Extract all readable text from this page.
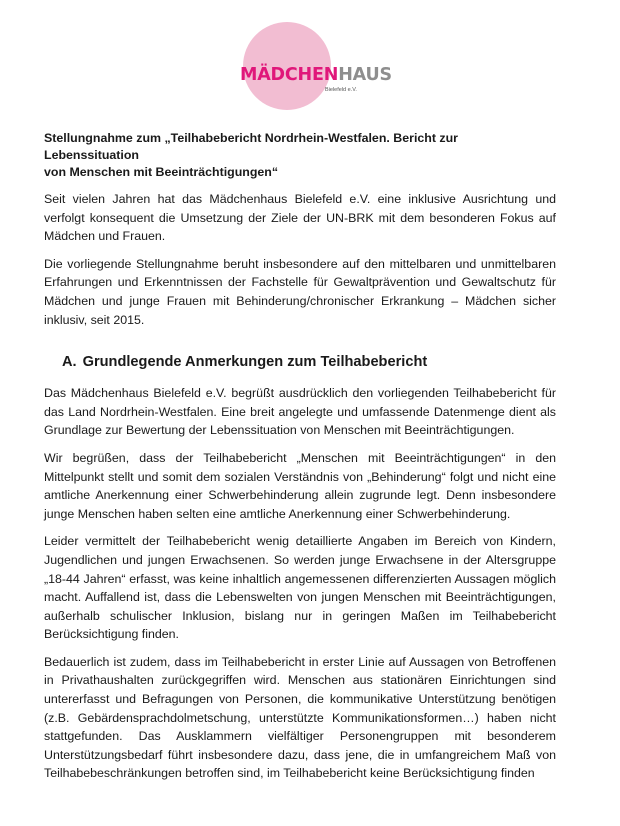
MÄDCHENHAUS
Bielefeld e.V.
Stellungnahme zum „Teilhabebericht Nordrhein-Westfalen. Bericht zur Lebenssituation
von Menschen mit Beeinträchtigungen“

Seit vielen Jahren hat das Mädchenhaus Bielefeld e.V. eine inklusive Ausrichtung und verfolgt konsequent die Umsetzung der Ziele der UN-BRK mit dem besonderen Fokus auf Mädchen und Frauen.

Die vorliegende Stellungnahme beruht insbesondere auf den mittelbaren und unmittelbaren Erfahrungen und Erkenntnissen der Fachstelle für Gewaltprävention und Gewaltschutz für Mädchen und junge Frauen mit Behinderung/chronischer Erkrankung – Mädchen sicher inklusiv, seit 2015.

A. Grundlegende Anmerkungen zum Teilhabebericht

Das Mädchenhaus Bielefeld e.V. begrüßt ausdrücklich den vorliegenden Teilhabebericht für das Land Nordrhein-Westfalen. Eine breit angelegte und umfassende Datenmenge dient als Grundlage zur Bewertung der Lebenssituation von Menschen mit Beeinträchtigungen.

Wir begrüßen, dass der Teilhabebericht „Menschen mit Beeinträchtigungen“ in den Mittelpunkt stellt und somit dem sozialen Verständnis von „Behinderung“ folgt und nicht eine amtliche Anerkennung einer Schwerbehinderung allein zugrunde legt. Denn insbesondere junge Menschen haben selten eine amtliche Anerkennung einer Schwerbehinderung.

Leider vermittelt der Teilhabebericht wenig detaillierte Angaben im Bereich von Kindern, Jugendlichen und jungen Erwachsenen. So werden junge Erwachsene in der Altersgruppe „18-44 Jahren“ erfasst, was keine inhaltlich angemessenen differenzierten Aussagen möglich macht. Auffallend ist, dass die Lebenswelten von jungen Menschen mit Beeinträchtigungen, außerhalb schulischer Inklusion, bislang nur in geringen Maßen im Teilhabebericht Berücksichtigung finden.

Bedauerlich ist zudem, dass im Teilhabebericht in erster Linie auf Aussagen von Betroffenen in Privathaushalten zurückgegriffen wird. Menschen aus stationären Einrichtungen sind untererfasst und Befragungen von Personen, die kommunikative Unterstützung benötigen (z.B. Gebärdensprachdolmetschung, unterstützte Kommunikationsformen…) haben nicht stattgefunden. Das Ausklammern vielfältiger Personengruppen mit besonderem Unterstützungsbedarf führt insbesondere dazu, dass jene, die in umfangreichem Maß von Teilhabebeschränkungen betroffen sind, im Teilhabebericht keine Berücksichtigung finden
